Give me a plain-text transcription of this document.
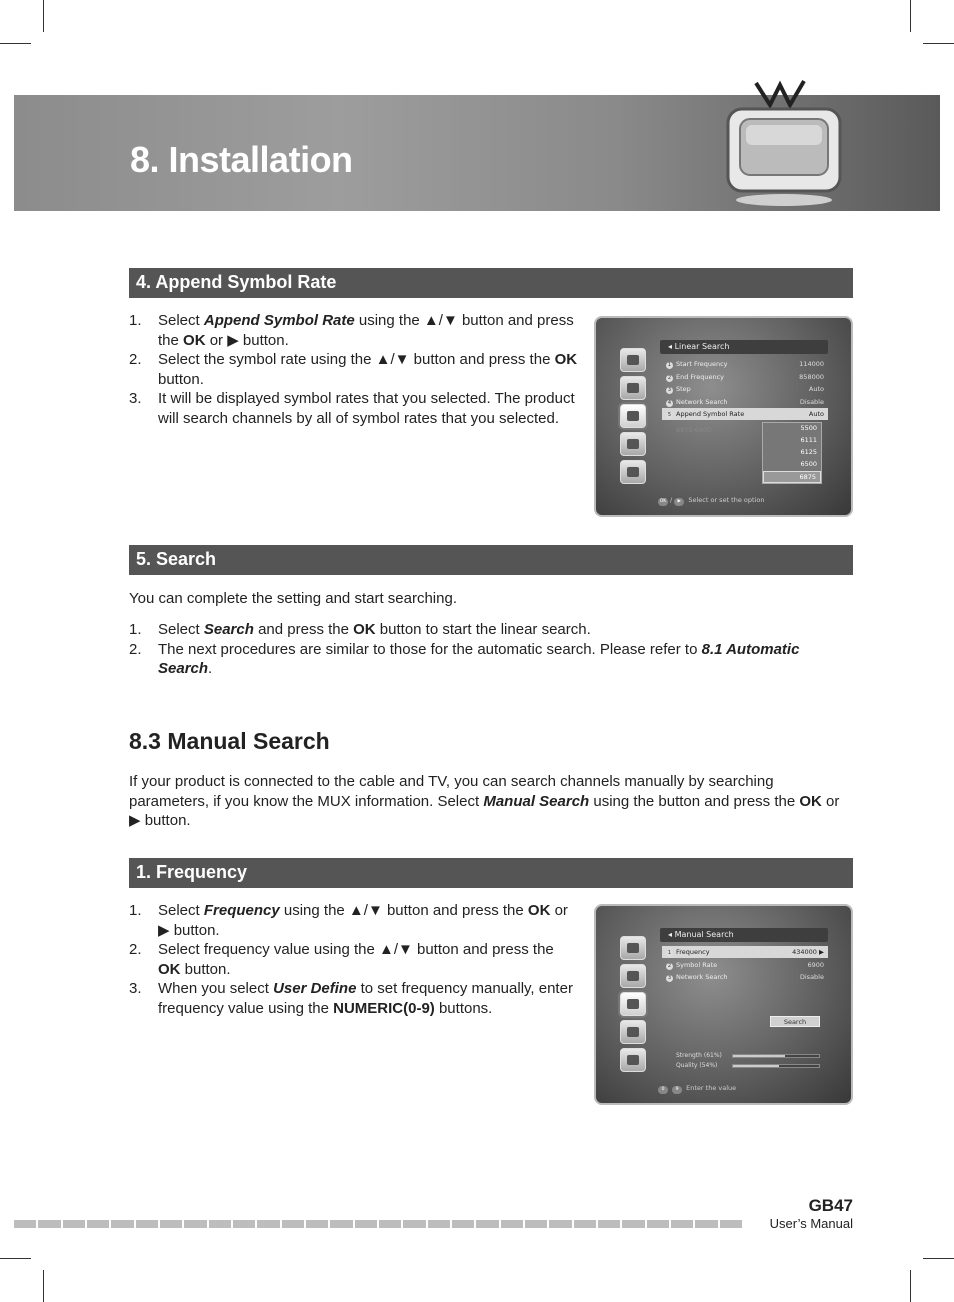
8. Installation
4. Append Symbol Rate
1. Select Append Symbol Rate using the ▲/▼ button and press the OK or ▶ button.
2. Select the symbol rate using the ▲/▼ button and press the OK button.
3. It will be displayed symbol rates that you selected. The product will search channels by all of symbol rates that you selected.
◂ Linear Search
1 Start Frequency	114000
2 End Frequency	858000
3 Step	Auto
4 Network Search	Disable
5 Append Symbol Rate	Auto
6875 6900	5500
6111
6125
6500
6875
OK / ▶ Select or set the option
5. Search
You can complete the setting and start searching.
1. Select Search and press the OK button to start the linear search.
2. The next procedures are similar to those for the automatic search. Please refer to 8.1 Automatic Search.
8.3 Manual Search
If your product is connected to the cable and TV, you can search channels manually by searching parameters, if you know the MUX information. Select Manual Search using the button and press the OK or ▶ button.
1. Frequency
1. Select Frequency using the ▲/▼ button and press the OK or ▶ button.
2. Select frequency value using the ▲/▼ button and press the OK button.
3. When you select User Define to set frequency manually, enter frequency value using the NUMERIC(0-9) buttons.
◂ Manual Search
1 Frequency	434000 ▶
2 Symbol Rate	6900
3 Network Search	Disable
Search
Strength (61%)
Quality (54%)
0 9 Enter the value
GB47
User’s Manual
